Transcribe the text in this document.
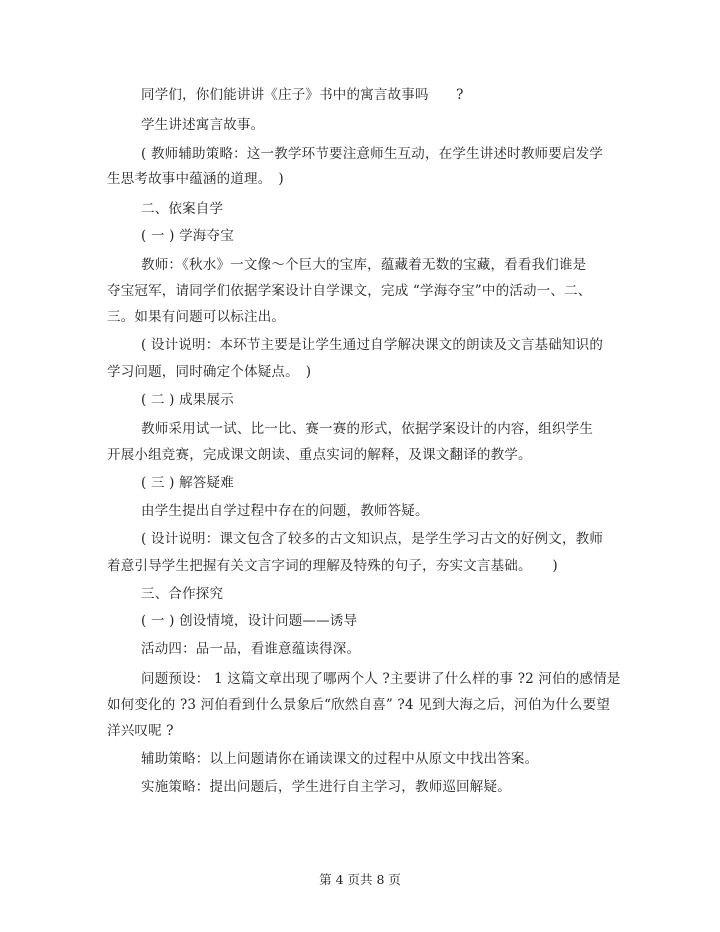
同学们，你们能讲讲《庄子》书中的寓言故事吗　　?
学生讲述寓言故事。
( 教师辅助策略：这一教学环节要注意师生互动，在学生讲述时教师要启发学
生思考故事中蕴涵的道理。　)
二、依案自学
( 一 ) 学海夺宝
教师：《秋水》一文像～个巨大的宝库，蕴藏着无数的宝藏，看看我们谁是
夺宝冠军，请同学们依据学案设计自学课文，完成 “学海夺宝”中的活动一、二、
三。如果有问题可以标注出。
( 设计说明：本环节主要是让学生通过自学解决课文的朗读及文言基础知识的
学习问题，同时确定个体疑点。　)
( 二 ) 成果展示
教师采用试一试、比一比、赛一赛的形式，依据学案设计的内容，组织学生
开展小组竞赛，完成课文朗读、重点实词的解释，及课文翻译的教学。
( 三 ) 解答疑难
由学生提出自学过程中存在的问题，教师答疑。
( 设计说明：课文包含了较多的古文知识点，是学生学习古文的好例文，教师
着意引导学生把握有关文言字词的理解及特殊的句子，夯实文言基础。　　)
三、合作探究
( 一 ) 创设情境，设计问题——诱导
活动四：品一品，看谁意蕴读得深。
问题预设： 1 这篇文章出现了哪两个人 ?主要讲了什么样的事 ?2 河伯的感情是
如何变化的 ?3 河伯看到什么景象后“欣然自喜” ?4 见到大海之后，河伯为什么要望
洋兴叹呢 ?
辅助策略：以上问题请你在诵读课文的过程中从原文中找出答案。
实施策略：提出问题后，学生进行自主学习，教师巡回解疑。
第 4 页共 8 页
